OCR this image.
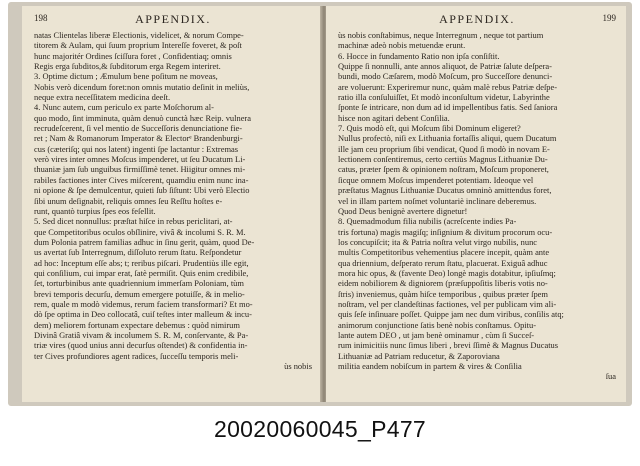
198	APPENDIX.
natas Clientelas liberæ Electionis, videlicet, & norum Compe-
titorem & Aulam, qui ſuum proprium Intereſſe foveret, & poſt
hunc majoritér Ordines ſciſſura foret , Confidentiaq; omnis
Regis erga ſubditos,& ſubditorum erga Regem interiret.
3. Optime dictum ; Æmulum bene poſitum ne moveas,
Nobis verò dicendum foret:non omnis mutatio deſinit in meliùs,
neque extra neceſſitatem medicina deeſt.
4. Nunc autem, cum periculo ex parte Moſchorum al-
quo modo, ſint imminuta, quàm denuò cunctà hæc Reip. vulnera
recrudeſcerent, ſi vel mentio de Succeſſoris denunciatione fie-
ret ; Nam & Romanorum Imperator & Electorᵉ Brandenburgi-
cus (cæteriſq; qui nos latent) ingenti ſpe lactantur : Extremas
verò vires inter omnes Moſcus impenderet, ut ſeu Ducatum Li-
thuaniæ jam ſub unguibus firmiſſimè tenet. Hiigitur omnes mi-
rabiles factiones inter Cives miſcerent, quamdiu enim nunc ina-
ni opione & ſpe demulcentur, quieti ſub ſiſtunt: Ubi verò Electio
ſibi unum deſignabit, reliquis omnes ſeu Reſſtu hoſtes e-
runt, quantò turpius ſpes eos feſellit.
5. Sed dicet nonnullus: præſtat hiſce in rebus periclitari, at-
que Competitoribus oculos obſlinire, vivâ & incolumi S. R. M.
dum Polonia patrem familias adhuc in ſinu gerit, quàm, quod De-
us avertat ſub Interregnum, diſſoluto rerum ſtatu. Reſpondetur
ad hoc: Inceptum eſſe abs; t; reribus piſcari. Prudentiùs ille egit,
qui conſilium, cui impar erat, ſatè permiſit. Quis enim credibile,
ſet, torturbinibus ante quadriennium immerſam Poloniam, tùm
brevi temporis decurſu, demum emergere potuiſſe, & in melio-
rem, quale m modò videmus, rerum faciem transformari? Et mo-
dò ſpe optima in Deo collocatâ, cuiſ teſtes inter malleum & incu-
dem) meliorem fortunam expectare debemus : quòd nimirum
Divinâ Gratiâ vivam & incolumem S. R. M, conſervante, & Pa-
triæ vires (quod unius anni decurſus oſtendet) & confidentia in-
ter Cives profundiores agent radices, ſucceſſu temporis meli-
ùs nobis
APPENDIX.	199
ùs nobis conſtabimus, neque Interregnum , neque tot partium
machinæ adeò nobis metuendæ erunt.
6. Hocce in fundamento Ratio non ipſa conſiſtit.
Quippe ſi nonnulli, ante annos aliquot, de Patriæ ſalute deſpera-
bundi, modo Cæſarem, modò Moſcum, pro Succeſſore denunci-
are voluerunt: Experiremur nunc, quàm malè rebus Patriæ deſpe-
ratio illa conſuluiſſet, Et modò inconſultum videtur, Labyrinthe
ſponte ſe intricare, non dum ad id impellentibus fatis. Sed ſaniora
hisce non agitari debent Conſilia.
7. Quis modò eſt, qui Moſcum ſibi Dominum eligeret?
Nullus profectò, niſi ex Lithuania fortaſſis aliqui, quem Ducatum
ille jam ceu proprium ſibi vendicat, Quod ſi modò in novam E-
lectionem conſentiremus, certo certiùs Magnus Lithuaniæ Du-
catus, præter ſpem & opinionem noſtram, Moſcum proponeret,
ſicque omnem Moſcus impenderet potentiam. Ideoque vel
præſtatus Magnus Lithuaniæ Ducatus omninò amittendus foret,
vel in illam partem noſmet voluntariè inclinare deberemus.
Quod Deus benignè avertere dignetur!
8. Quemadmodum filia nubilis (acreſcente indies Pa-
tris fortuna) magis magiſq; inſignium & divitum procorum ocu-
los concupiſcit; ita & Patria noſtra velut virgo nubilis, nunc
multis Competitoribus vehementius placere incepit, quàm ante
qua driennium, deſperato rerum ſtatu, placuerat. Exiguâ adhuc
mora hic opus, & (favente Deo) longè magis dotabitur, ipſiuſmq;
eidem nobiliorem & digniorem (præſuppoſitis liberis votis no-
ſtris) inveniemus, quàm hiſce temporibus , quibus præter ſpem
noſtram, vel per clandeſtinas factiones, vel per publicam vim ali-
quis ſeſe inſinuare poſſet. Quippe jam nec dum viribus, conſilis atq;
animorum conjunctione ſatis benè nobis conſtamus. Opitu-
lante autem DEO , ut jam benè ominamur , cùm ſi Succeſ-
rum inimicitiis nunc ſimus liberi , brevi ſſimè & Magnus Ducatus
Lithuaniæ ad Patriam reducetur, & Zaporoviana
militia eandem nobiſcum in partem & vires & Conſilia
ſua
20020060045_P477
